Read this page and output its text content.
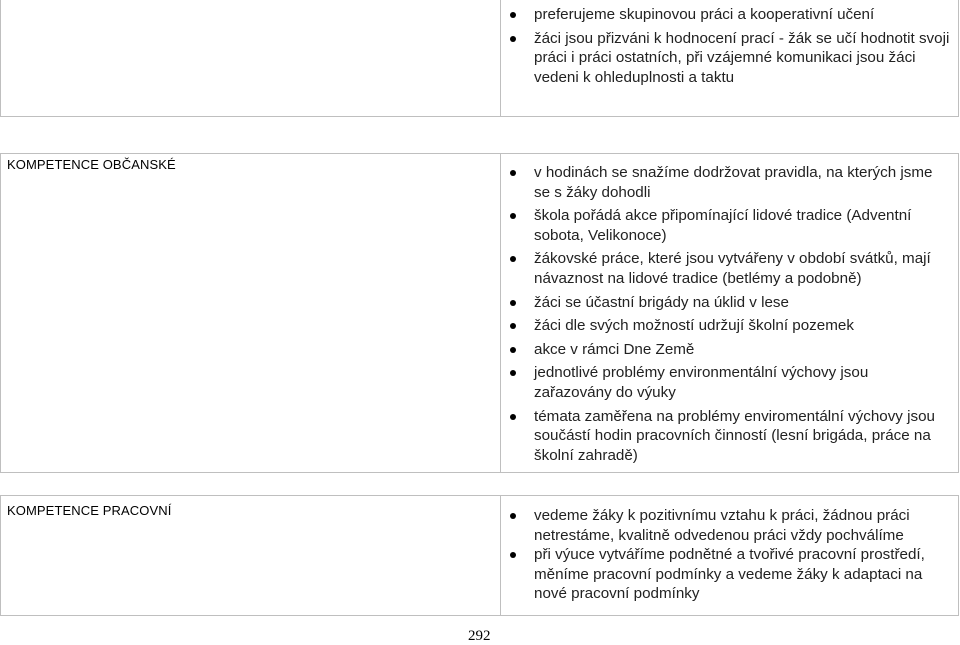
preferujeme skupinovou práci a kooperativní učení
žáci jsou přizváni k hodnocení prací - žák se učí hodnotit svoji práci i práci ostatních, při vzájemné komunikaci jsou žáci vedeni k ohleduplnosti a taktu
KOMPETENCE OBČANSKÉ	v hodinách se snažíme dodržovat pravidla, na kterých jsme se s žáky dohodli
škola pořádá akce připomínající lidové tradice (Adventní sobota, Velikonoce)
žákovské práce, které jsou vytvářeny v období svátků, mají návaznost na lidové tradice (betlémy a podobně)
žáci se účastní brigády na úklid v lese
žáci dle svých možností udržují školní pozemek
akce v rámci Dne Země
jednotlivé problémy environmentální výchovy jsou zařazovány do výuky
témata zaměřena na problémy enviromentální výchovy jsou součástí hodin pracovních činností (lesní brigáda, práce na školní zahradě)
KOMPETENCE PRACOVNÍ	vedeme žáky k pozitivnímu vztahu k práci, žádnou práci netrestáme, kvalitně odvedenou práci vždy pochválíme
při výuce vytváříme podnětné a tvořivé pracovní prostředí, měníme pracovní podmínky a vedeme žáky k adaptaci na nové pracovní podmínky
292
